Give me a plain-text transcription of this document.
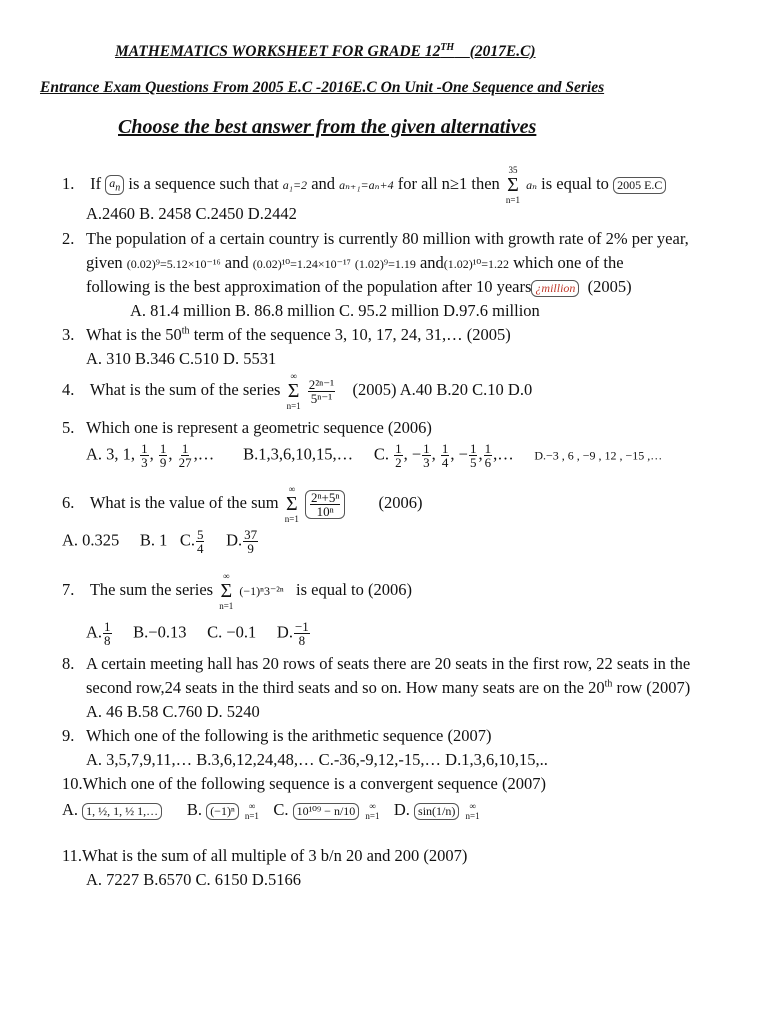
MATHEMATICS WORKSHEET FOR GRADE 12TH (2017E.C)
Entrance Exam Questions From 2005 E.C -2016E.C On Unit -One Sequence and Series
Choose the best answer from the given alternatives
1. If $a_n$ is a sequence such that a₁=2 and aₙ₊₁=aₙ+4 for all n≥1 then
35
Σ
n=1
aₙ is equal to 2005 E.C
A.2460 B. 2458 C.2450 D.2442
2. The population of a certain country is currently 80 million with growth rate of 2% per year,
given (0.02)⁹=5.12×10⁻¹⁶ and (0.02)¹⁰=1.24×10⁻¹⁷ (1.02)⁹=1.19 and(1.02)¹⁰=1.22 which one of the
following is the best approximation of the population after 10 years ¿million (2005)
A. 81.4 million B. 86.8 million C. 95.2 million D.97.6 million
3. What is the 50th term of the sequence 3, 10, 17, 24, 31,… (2005)
A. 310 B.346 C.510 D. 5531
4. What is the sum of the series
∞
Σ
n=1

$\frac{\text{2²ⁿ⁻¹}}{\text{5ⁿ⁻¹}} (2005)$ A.40 B.20 C.10 D.0
5. Which one is represent a geometric sequence (2006)
A. 3, 1, $\frac{1}{3}$ , $\frac{1}{9}$ , $\frac{1}{27}$ ,…       B.1,3,6,10,15,… C. $\frac{1}{2}$ , − $\frac{1}{3}$ , $\frac{1}{4}$ , − $\frac{1}{5}$ , $\frac{1}{6}$ ,…     D.−3 , 6 , −9 , 12 , −15 ,…
6. What is the value of the sum
∞
Σ
n=1

$\frac{\text{2ⁿ+5ⁿ}}{\text{10ⁿ}} (2006)$
A. 0.325 B. 1 C. $\frac{5}{4} D$. $\frac{37}{9}$
7. The sum the series
∞
Σ
n=1
(−1)ⁿ3⁻²ⁿ is equal to (2006)
A. $\frac{1}{8} B.-0.13$ C. −0.1 D. $\frac{-1}{8}$
8. A certain meeting hall has 20 rows of seats there are 20 seats in the first row, 22 seats in the
second row,24 seats in the third seats and so on. How many seats are on the 20th row (2007)
A. 46 B.58 C.760 D. 5240
9. Which one of the following is the arithmetic sequence (2007)
A. 3,5,7,9,11,… B.3,6,12,24,48,… C.-36,-9,12,-15,… D.1,3,6,10,15,..
10.Which one of the following sequence is a convergent sequence (2007)
A. 1, ½, 1, ½ 1,… B. (−1)ⁿ ∞
n=1 C. 10¹⁰⁹ − n/10 ∞
n=1 D. sin(1/n) ∞
n=1
11.What is the sum of all multiple of 3 b/n 20 and 200 (2007)
A. 7227 B.6570 C. 6150 D.5166
